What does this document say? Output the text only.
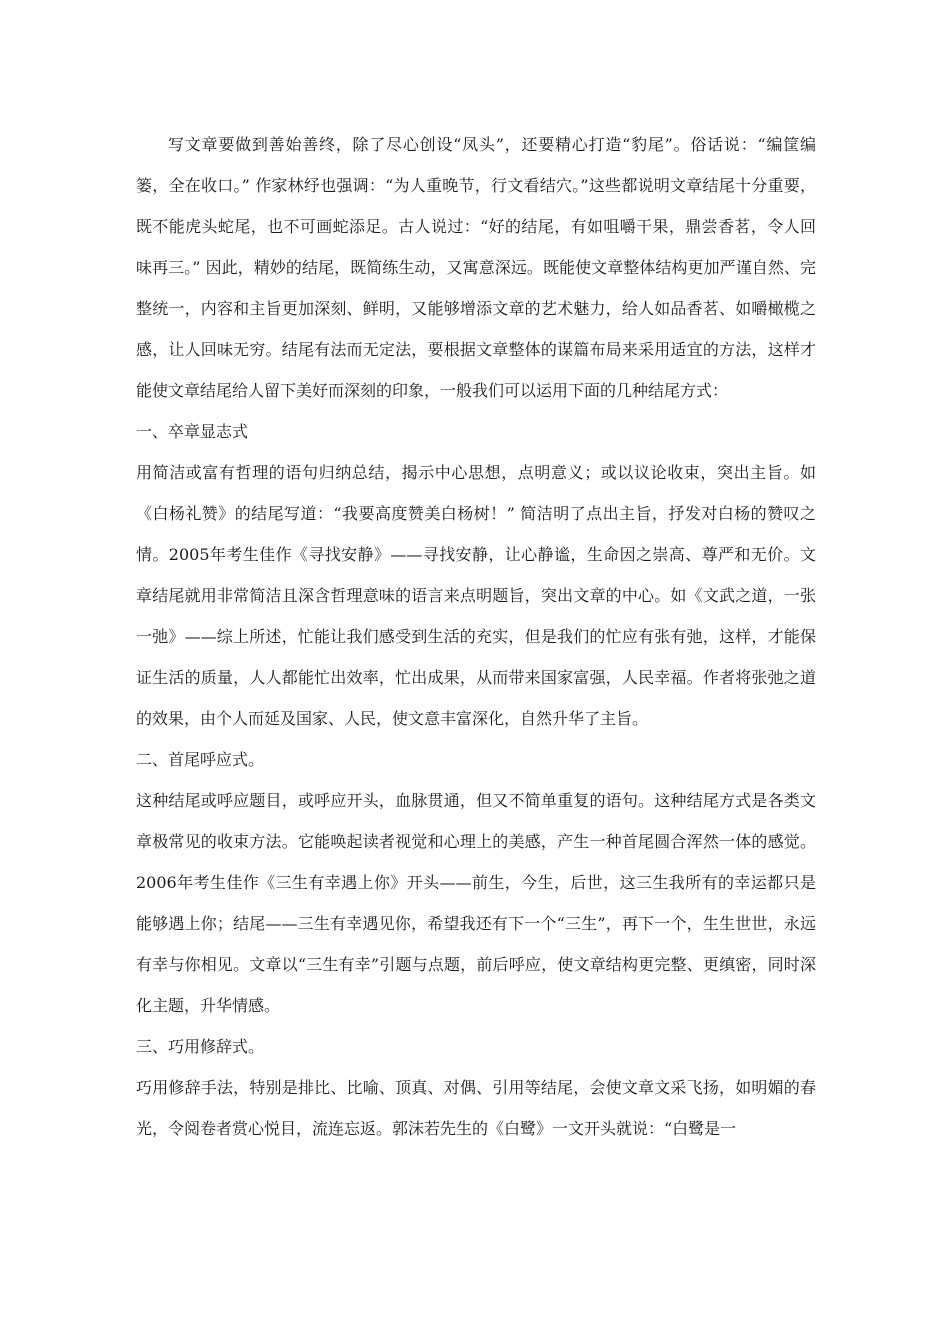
写文章要做到善始善终，除了尽心创设“凤头”，还要精心打造“豹尾”。俗话说：“编筐编篓，全在收口。” 作家林纾也强调：“为人重晚节，行文看结穴。”这些都说明文章结尾十分重要，既不能虎头蛇尾，也不可画蛇添足。古人说过：“好的结尾，有如咀嚼干果，鼎尝香茗，令人回味再三。” 因此，精妙的结尾，既简练生动，又寓意深远。既能使文章整体结构更加严谨自然、完整统一，内容和主旨更加深刻、鲜明，又能够增添文章的艺术魅力，给人如品香茗、如嚼橄榄之感，让人回味无穷。结尾有法而无定法，要根据文章整体的谋篇布局来采用适宜的方法，这样才能使文章结尾给人留下美好而深刻的印象，一般我们可以运用下面的几种结尾方式：

一、卒章显志式

用简洁或富有哲理的语句归纳总结，揭示中心思想，点明意义；或以议论收束，突出主旨。如《白杨礼赞》的结尾写道：“我要高度赞美白杨树！” 简洁明了点出主旨，抒发对白杨的赞叹之情。2005年考生佳作《寻找安静》——寻找安静，让心静谧，生命因之崇高、尊严和无价。文章结尾就用非常简洁且深含哲理意味的语言来点明题旨，突出文章的中心。如《文武之道，一张一弛》——综上所述，忙能让我们感受到生活的充实，但是我们的忙应有张有弛，这样，才能保证生活的质量，人人都能忙出效率，忙出成果，从而带来国家富强，人民幸福。作者将张弛之道的效果，由个人而延及国家、人民，使文意丰富深化，自然升华了主旨。

二、首尾呼应式。

这种结尾或呼应题目，或呼应开头，血脉贯通，但又不简单重复的语句。这种结尾方式是各类文章极常见的收束方法。它能唤起读者视觉和心理上的美感，产生一种首尾圆合浑然一体的感觉。2006年考生佳作《三生有幸遇上你》开头——前生，今生，后世，这三生我所有的幸运都只是能够遇上你；结尾——三生有幸遇见你，希望我还有下一个“三生”，再下一个，生生世世，永远有幸与你相见。文章以“三生有幸”引题与点题，前后呼应，使文章结构更完整、更缜密，同时深化主题，升华情感。

三、巧用修辞式。

巧用修辞手法，特别是排比、比喻、顶真、对偶、引用等结尾，会使文章文采飞扬，如明媚的春光，令阅卷者赏心悦目，流连忘返。郭沫若先生的《白鹭》一文开头就说：“白鹭是一
